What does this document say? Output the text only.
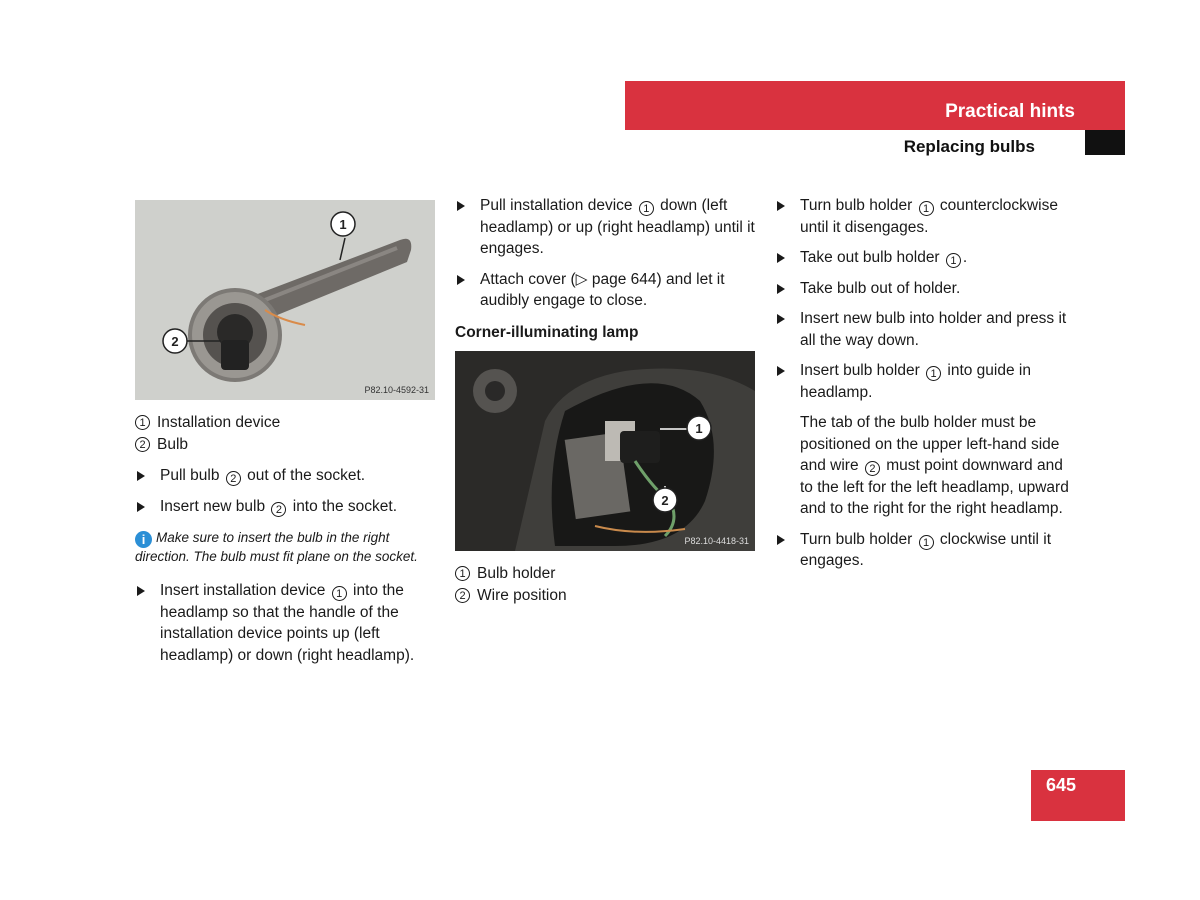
Practical hints
Replacing bulbs
1
2
P82.10-4592-31
1 Installation device
2 Bulb
Pull bulb 2 out of the socket.
Insert new bulb 2 into the socket.
i Make sure to insert the bulb in the right direction. The bulb must fit plane on the socket.
Insert installation device 1 into the headlamp so that the handle of the installation device points up (left headlamp) or down (right headlamp).
Pull installation device 1 down (left headlamp) or up (right headlamp) until it engages.
Attach cover (▷ page 644) and let it audibly engage to close.
Corner-illuminating lamp
1
2
P82.10-4418-31
1 Bulb holder
2 Wire position
Turn bulb holder 1 counterclockwise until it disengages.
Take out bulb holder 1 .
Take bulb out of holder.
Insert new bulb into holder and press it all the way down.
Insert bulb holder 1 into guide in headlamp.
The tab of the bulb holder must be positioned on the upper left-hand side and wire 2 must point downward and to the left for the left headlamp, upward and to the right for the right headlamp.
Turn bulb holder 1 clockwise until it engages.
645
